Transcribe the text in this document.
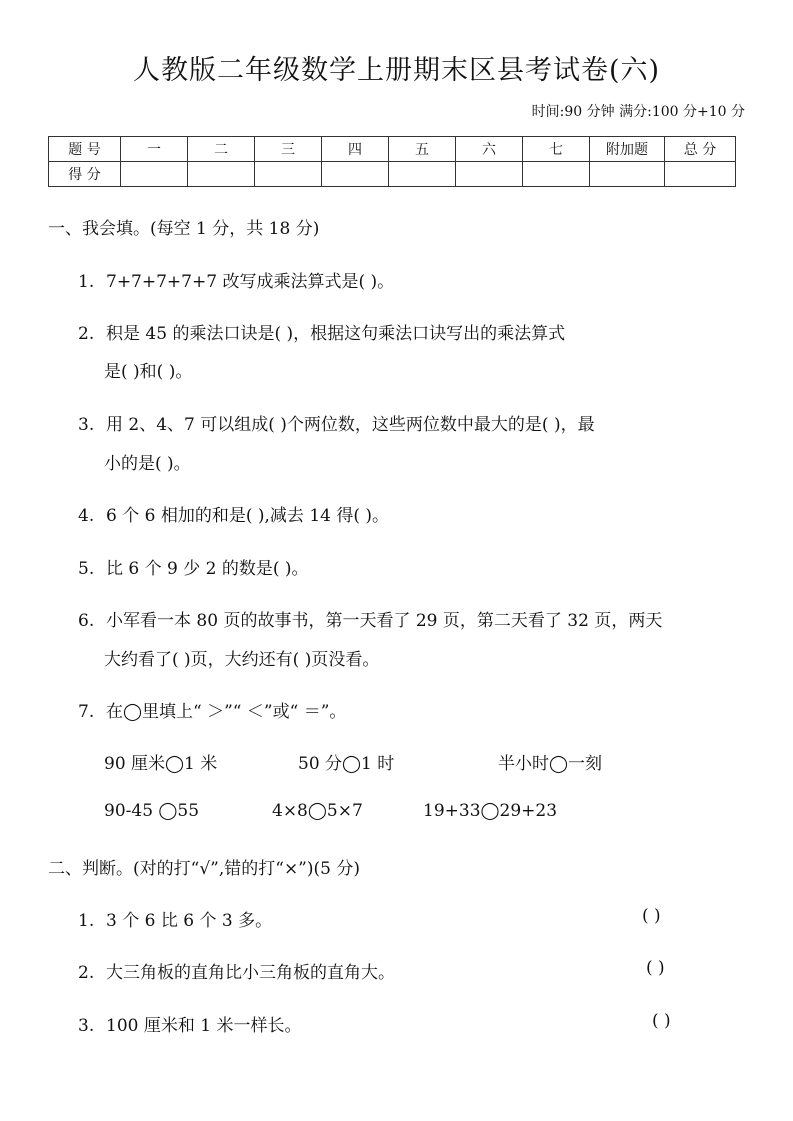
人教版二年级数学上册期末区县考试卷(六)
时间:90 分钟 满分:100 分+10 分
题 号	一	二	三	四	五	六	七	附加题	总 分
得 分									
一、我会填。(每空 1 分，共 18 分)
1. 7+7+7+7+7 改写成乘法算式是( )。
2. 积是 45 的乘法口诀是( )，根据这句乘法口诀写出的乘法算式
是( )和( )。
3. 用 2、4、7 可以组成( )个两位数，这些两位数中最大的是( )，最
小的是( )。
4. 6 个 6 相加的和是( ),减去 14 得( )。
5. 比 6 个 9 少 2 的数是( )。
6. 小军看一本 80 页的故事书，第一天看了 29 页，第二天看了 32 页，两天
大约看了( )页，大约还有( )页没看。
7. 在◯里填上“ ＞”“ ＜”或“ ＝”。
90 厘米◯1 米	50 分◯1 时	半小时◯一刻
90-45 ◯55	4×8◯5×7	19+33◯29+23
二、判断。(对的打“√”,错的打“×”)(5 分)
1. 3 个 6 比 6 个 3 多。	( )
2. 大三角板的直角比小三角板的直角大。	( )
3. 100 厘米和 1 米一样长。	( )
